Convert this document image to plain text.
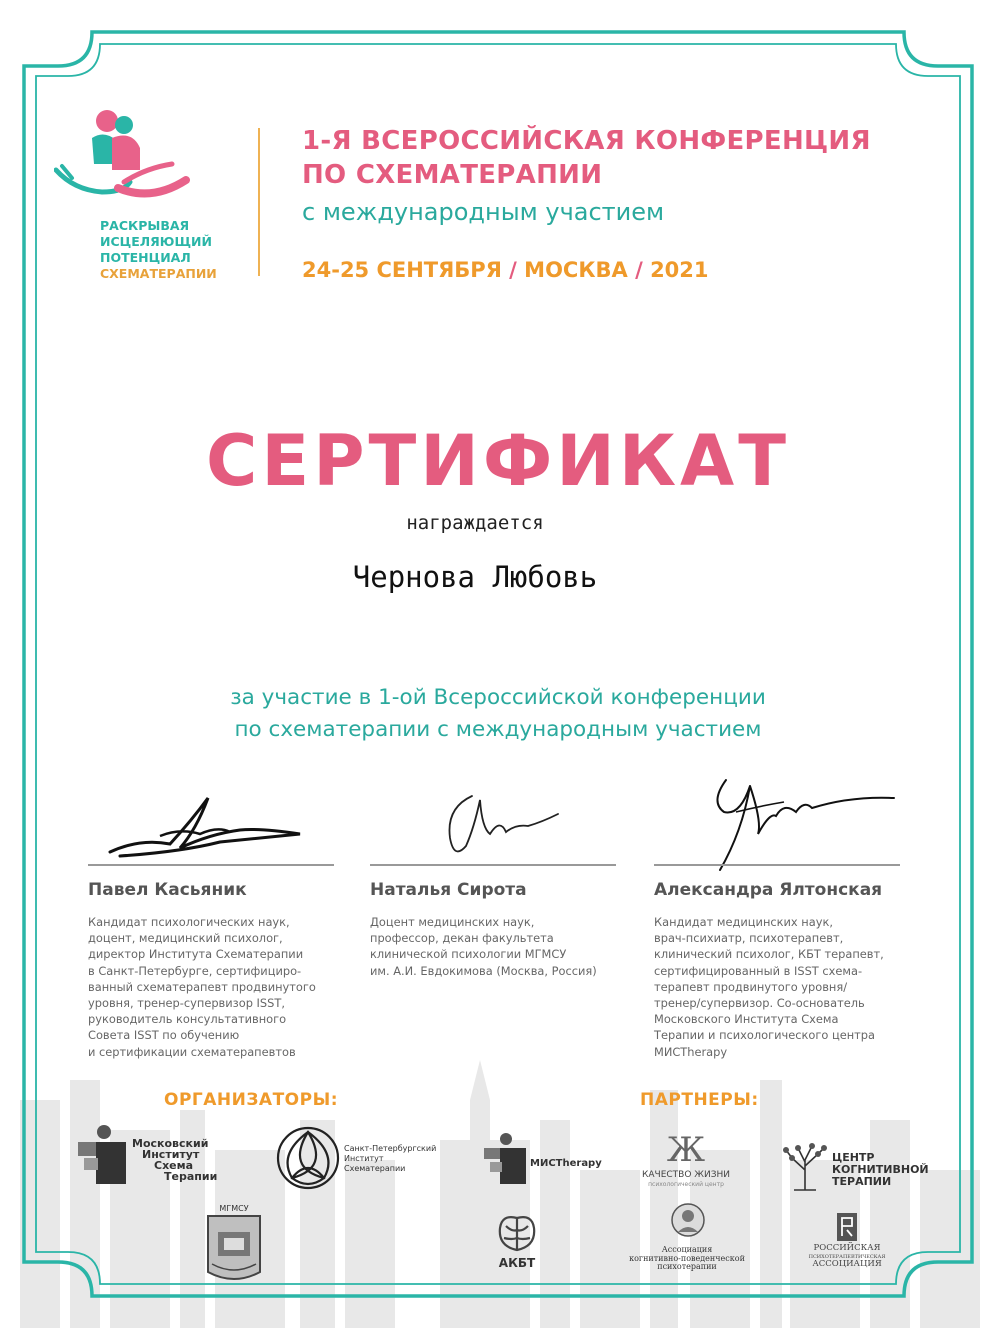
РАСКРЫВАЯ
ИСЦЕЛЯЮЩИЙ
ПОТЕНЦИАЛ
СХЕМАТЕРАПИИ
1-Я ВСЕРОССИЙСКАЯ КОНФЕРЕНЦИЯ
ПО СХЕМАТЕРАПИИ
с международным участием
24-25 СЕНТЯБРЯ / МОСКВА / 2021
СЕРТИФИКАТ
награждается
Чернова Любовь
за участие в 1-ой Всероссийской конференции
по схематерапии с международным участием
Павел Касьяник	Наталья Сирота	Александра Ялтонская
Кандидат психологических наук,
доцент, медицинский психолог,
директор Института Схематерапии
в Санкт-Петербурге, сертифициро-
ванный схематерапевт продвинутого
уровня, тренер-супервизор ISST,
руководитель консультативного
Совета ISST по обучению
и сертификации схематерапевтов
Доцент медицинских наук,
профессор, декан факультета
клинической психологии МГМСУ
им. А.И. Евдокимова (Москва, Россия)
Кандидат медицинских наук,
врач-психиатр, психотерапевт,
клинический психолог, КБТ терапевт,
сертифицированный в ISST схема-
терапевт продвинутого уровня/
тренер/супервизор. Со-основатель
Московского Института Схема
Терапии и психологического центра
МИСTherapy
ОРГАНИЗАТОРЫ:	ПАРТНЕРЫ:
Московский
Институт
Схема
Терапии
Санкт-Петербургский
Институт
Схематерапии
МГМСУ
МИСТherapy	Ж
КАЧЕСТВО ЖИЗНИ
психологический центр
ЦЕНТР
КОГНИТИВНОЙ
ТЕРАПИИ
АКБТ
Ассоциация
когнитивно-поведенческой
психотерапии
РОССИЙСКАЯ
ПСИХОТЕРАПЕВТИЧЕСКАЯ
АССОЦИАЦИЯ
